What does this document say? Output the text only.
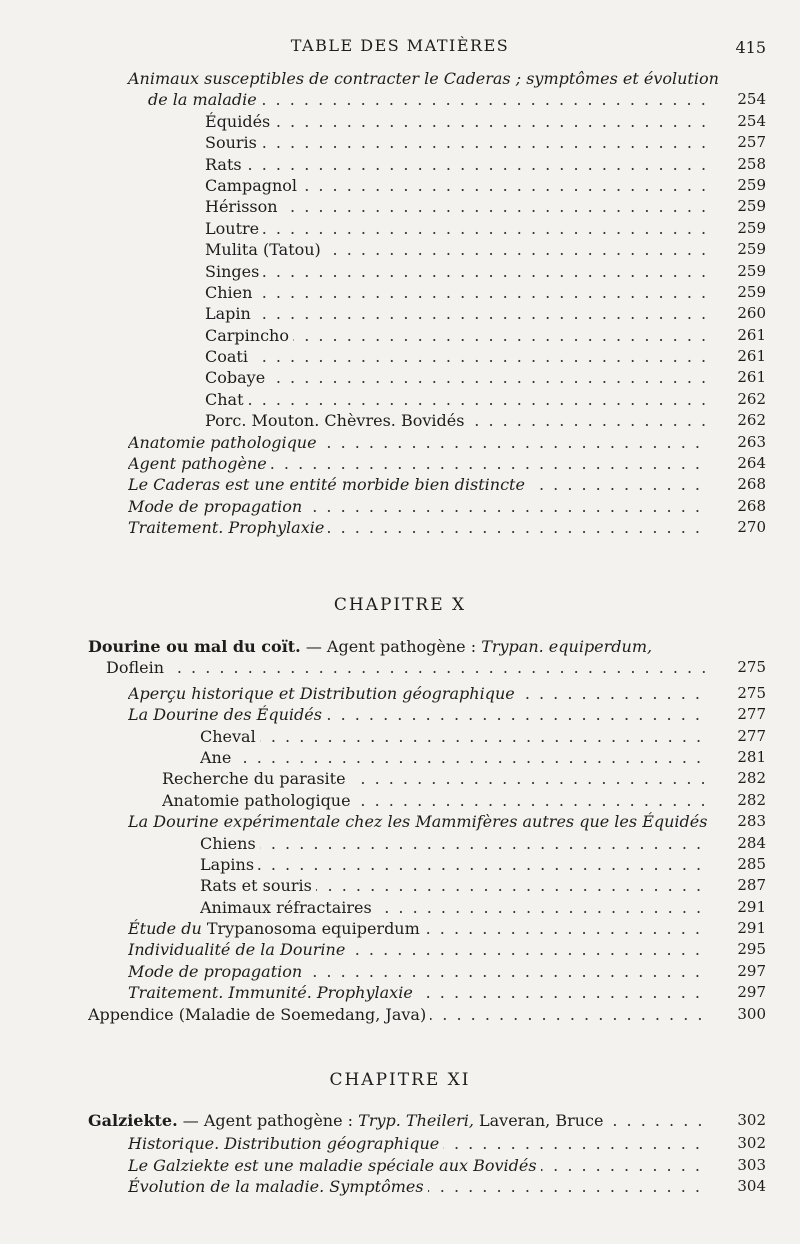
TABLE DES MATIÈRES	415
Animaux susceptibles de contracter le Caderas ; symptômes et évolution
de la maladie . . .	254
Équidés . . .	254
Souris . . .	257
Rats . . .	258
Campagnol . . .	259
Hérisson . . .	259
Loutre . . .	259
Mulita (Tatou) . . .	259
Singes . . .	259
Chien . . .	259
Lapin . . .	260
Carpincho . . .	261
Coati . . .	261
Cobaye . . .	261
Chat . . .	262
Porc. Mouton. Chèvres. Bovidés . . .	262
Anatomie pathologique . . .	263
Agent pathogène . . .	264
Le Caderas est une entité morbide bien distincte . . .	268
Mode de propagation . . .	268
Traitement. Prophylaxie . . .	270
CHAPITRE X
Dourine ou mal du coït. — Agent pathogène : Trypan. equiperdum,
Doflein . . .	275
Aperçu historique et Distribution géographique . . .	275
La Dourine des Équidés . . .	277
Cheval . . .	277
Ane . . .	281
Recherche du parasite . . .	282
Anatomie pathologique . . .	282
La Dourine expérimentale chez les Mammifères autres que les Équidés . . .	283
Chiens . . .	284
Lapins . . .	285
Rats et souris . . .	287
Animaux réfractaires . . .	291
Étude du Trypanosoma equiperdum . . .	291
Individualité de la Dourine . . .	295
Mode de propagation . . .	297
Traitement. Immunité. Prophylaxie . . .	297
Appendice (Maladie de Soemedang, Java) . . .	300
CHAPITRE XI
Galziekte. — Agent pathogène : Tryp. Theileri, Laveran, Bruce . . .	302
Historique. Distribution géographique . . .	302
Le Galziekte est une maladie spéciale aux Bovidés . . .	303
Évolution de la maladie. Symptômes . . .	304
